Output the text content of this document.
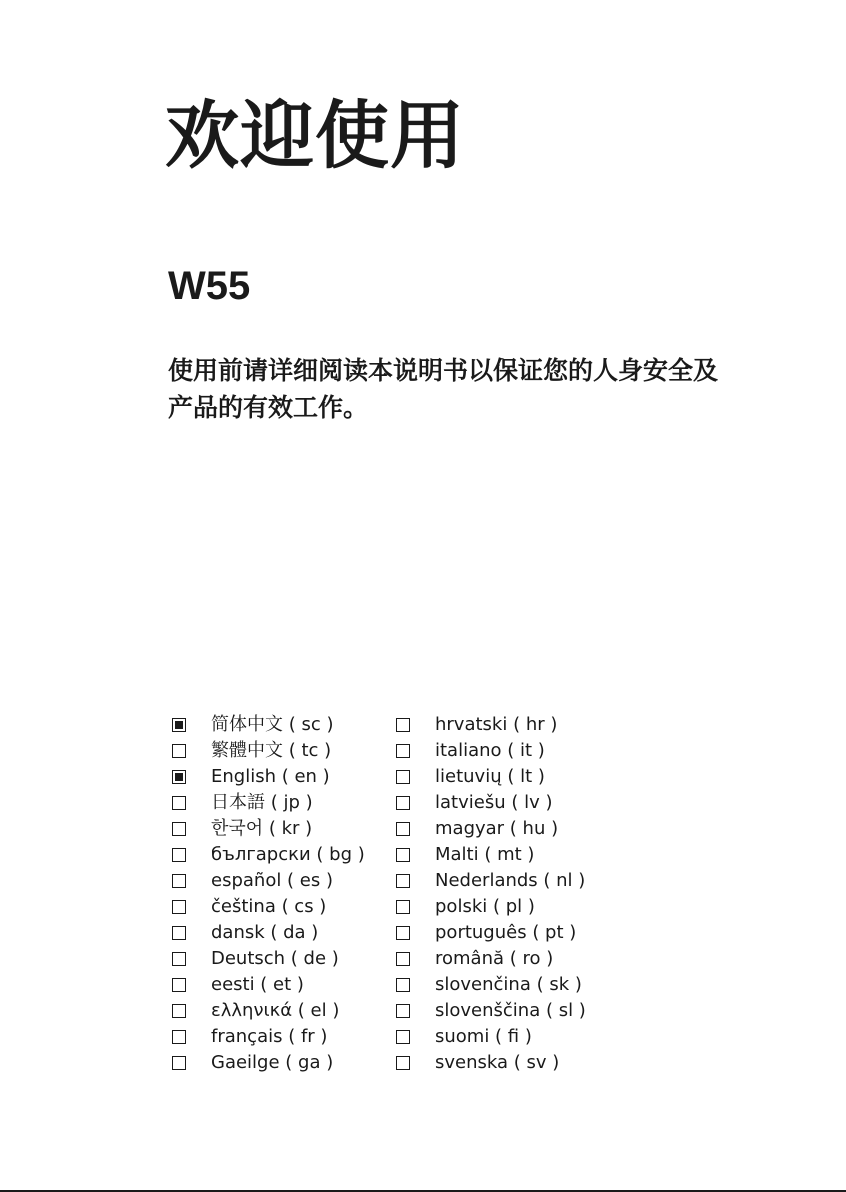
欢迎使用
W55

使用前请详细阅读本说明书以保证您的人身安全及产品的有效工作。

简体中文 ( sc )
繁體中文 ( tc )
English ( en )
日本語 ( jp )
한국어 ( kr )
български ( bg )
español ( es )
čeština ( cs )
dansk ( da )
Deutsch ( de )
eesti ( et )
ελληνικά ( el )
français ( fr )
Gaeilge ( ga )
hrvatski ( hr )
italiano ( it )
lietuvių ( lt )
latviešu ( lv )
magyar ( hu )
Malti ( mt )
Nederlands ( nl )
polski ( pl )
português ( pt )
română ( ro )
slovenčina ( sk )
slovenščina ( sl )
suomi ( fi )
svenska ( sv )
